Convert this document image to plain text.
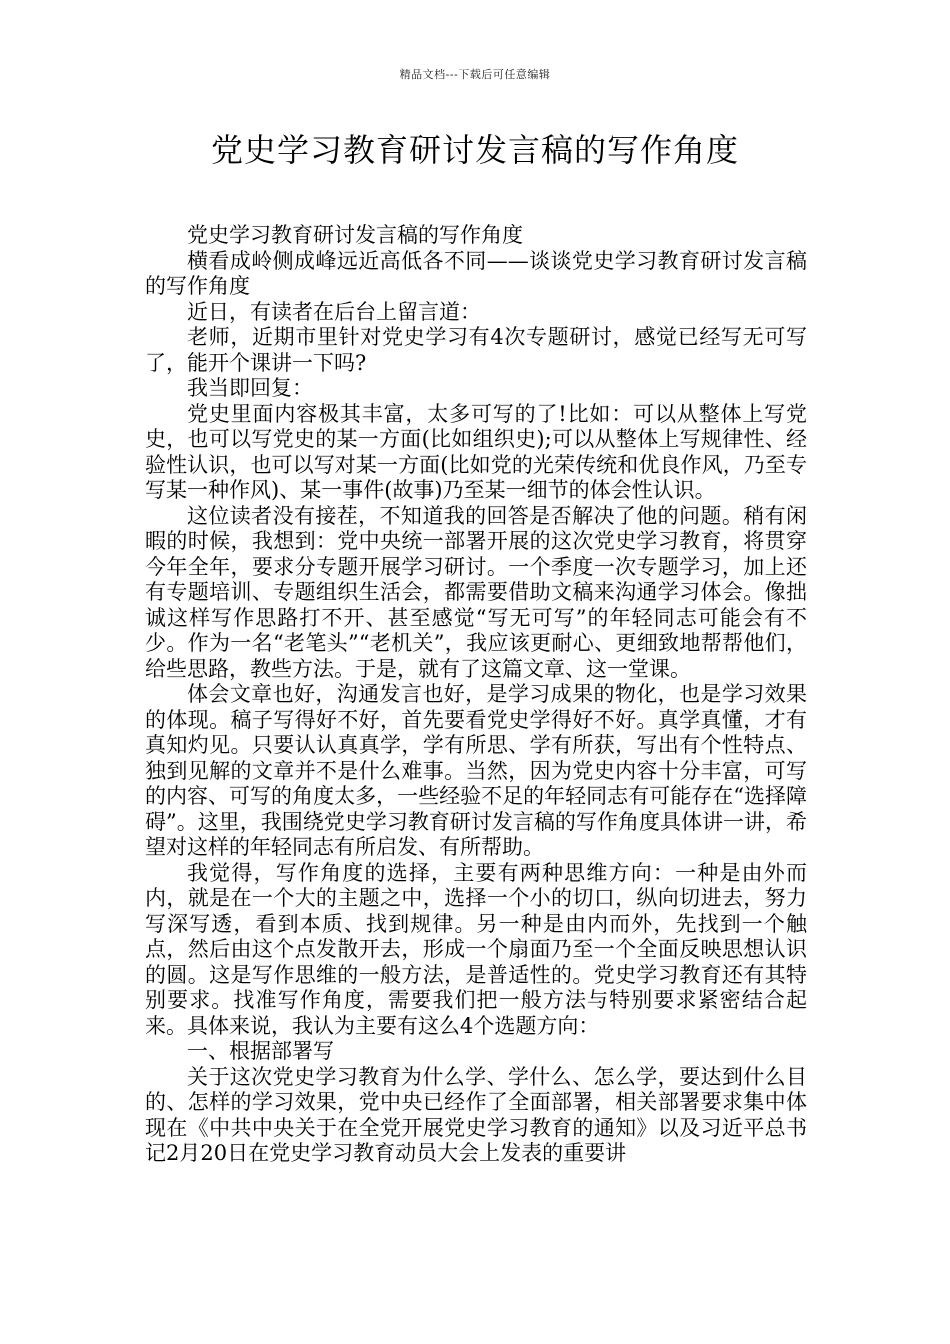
精品文档---下载后可任意编辑
党史学习教育研讨发言稿的写作角度

党史学习教育研讨发言稿的写作角度

横看成岭侧成峰远近高低各不同——谈谈党史学习教育研讨发言稿的写作角度

近日，有读者在后台上留言道：

老师，近期市里针对党史学习有4次专题研讨，感觉已经写无可写了，能开个课讲一下吗?

我当即回复：

党史里面内容极其丰富，太多可写的了!比如：可以从整体上写党史，也可以写党史的某一方面(比如组织史);可以从整体上写规律性、经验性认识，也可以写对某一方面(比如党的光荣传统和优良作风，乃至专写某一种作风)、某一事件(故事)乃至某一细节的体会性认识。

这位读者没有接茬，不知道我的回答是否解决了他的问题。稍有闲暇的时候，我想到：党中央统一部署开展的这次党史学习教育，将贯穿今年全年，要求分专题开展学习研讨。一个季度一次专题学习，加上还有专题培训、专题组织生活会，都需要借助文稿来沟通学习体会。像拙诚这样写作思路打不开、甚至感觉“写无可写”的年轻同志可能会有不少。作为一名“老笔头”“老机关”，我应该更耐心、更细致地帮帮他们，给些思路，教些方法。于是，就有了这篇文章、这一堂课。

体会文章也好，沟通发言也好，是学习成果的物化，也是学习效果的体现。稿子写得好不好，首先要看党史学得好不好。真学真懂，才有真知灼见。只要认认真真学，学有所思、学有所获，写出有个性特点、独到见解的文章并不是什么难事。当然，因为党史内容十分丰富，可写的内容、可写的角度太多，一些经验不足的年轻同志有可能存在“选择障碍”。这里，我围绕党史学习教育研讨发言稿的写作角度具体讲一讲，希望对这样的年轻同志有所启发、有所帮助。

我觉得，写作角度的选择，主要有两种思维方向：一种是由外而内，就是在一个大的主题之中，选择一个小的切口，纵向切进去，努力写深写透，看到本质、找到规律。另一种是由内而外，先找到一个触点，然后由这个点发散开去，形成一个扇面乃至一个全面反映思想认识的圆。这是写作思维的一般方法，是普适性的。党史学习教育还有其特别要求。找准写作角度，需要我们把一般方法与特别要求紧密结合起来。具体来说，我认为主要有这么4个选题方向：

一、根据部署写

关于这次党史学习教育为什么学、学什么、怎么学，要达到什么目的、怎样的学习效果，党中央已经作了全面部署，相关部署要求集中体现在《中共中央关于在全党开展党史学习教育的通知》以及习近平总书记2月20日在党史学习教育动员大会上发表的重要讲
